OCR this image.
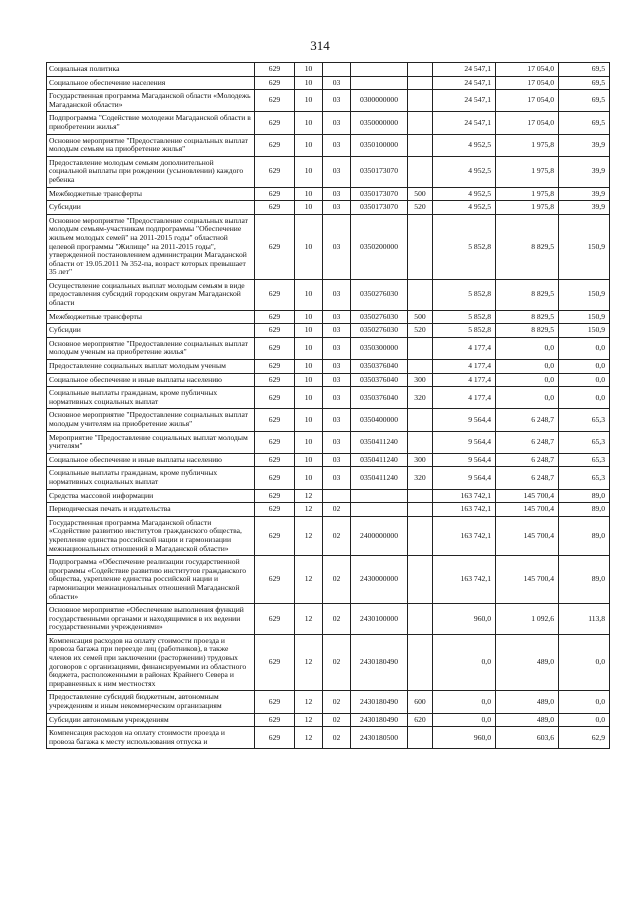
314
Социальная политика	629	10				24 547,1	17 054,0	69,5
Социальное обеспечение населения	629	10	03			24 547,1	17 054,0	69,5
Государственная программа Магаданской области «Молодежь Магаданской области»	629	10	03	0300000000		24 547,1	17 054,0	69,5
Подпрограмма "Содействие молодежи Магаданской области в приобретении жилья"	629	10	03	0350000000		24 547,1	17 054,0	69,5
Основное мероприятие "Предоставление социальных выплат молодым семьям на приобретение жилья"	629	10	03	0350100000		4 952,5	1 975,8	39,9
Предоставление молодым семьям дополнительной социальной выплаты при рождении (усыновлении) каждого ребенка	629	10	03	0350173070		4 952,5	1 975,8	39,9
Межбюджетные трансферты	629	10	03	0350173070	500	4 952,5	1 975,8	39,9
Субсидии	629	10	03	0350173070	520	4 952,5	1 975,8	39,9
Основное мероприятие "Предоставление социальных выплат молодым семьям-участникам подпрограммы "Обеспечение жильем молодых семей" на 2011-2015 годы" областной целевой программы "Жилище" на 2011-2015 годы", утвержденной постановлением администрации Магаданской области от 19.05.2011 № 352-па, возраст которых превышает 35 лет"	629	10	03	0350200000		5 852,8	8 829,5	150,9
Осуществление социальных выплат молодым семьям в виде предоставления субсидий городским округам Магаданской области	629	10	03	0350276030		5 852,8	8 829,5	150,9
Межбюджетные трансферты	629	10	03	0350276030	500	5 852,8	8 829,5	150,9
Субсидии	629	10	03	0350276030	520	5 852,8	8 829,5	150,9
Основное мероприятие "Предоставление социальных выплат молодым ученым на приобретение жилья"	629	10	03	0350300000		4 177,4	0,0	0,0
Предоставление социальных выплат молодым ученым	629	10	03	0350376040		4 177,4	0,0	0,0
Социальное обеспечение и иные выплаты населению	629	10	03	0350376040	300	4 177,4	0,0	0,0
Социальные выплаты гражданам, кроме публичных нормативных социальных выплат	629	10	03	0350376040	320	4 177,4	0,0	0,0
Основное мероприятие "Предоставление социальных выплат молодым учителям на приобретение жилья"	629	10	03	0350400000		9 564,4	6 248,7	65,3
Мероприятие "Предоставление социальных выплат молодым учителям"	629	10	03	0350411240		9 564,4	6 248,7	65,3
Социальное обеспечение и иные выплаты населению	629	10	03	0350411240	300	9 564,4	6 248,7	65,3
Социальные выплаты гражданам, кроме публичных нормативных социальных выплат	629	10	03	0350411240	320	9 564,4	6 248,7	65,3
Средства массовой информации	629	12				163 742,1	145 700,4	89,0
Периодическая печать и издательства	629	12	02			163 742,1	145 700,4	89,0
Государственная программа Магаданской области «Содействие развитию институтов гражданского общества, укрепление единства российской нации и гармонизации межнациональных отношений в Магаданской области»	629	12	02	2400000000		163 742,1	145 700,4	89,0
Подпрограмма «Обеспечение реализации государственной программы «Содействие развитию институтов гражданского общества, укрепление единства российской нации и гармонизации межнациональных отношений Магаданской области»	629	12	02	2430000000		163 742,1	145 700,4	89,0
Основное мероприятие «Обеспечение выполнения функций государственными органами и находящимися в их ведении государственными учреждениями»	629	12	02	2430100000		960,0	1 092,6	113,8
Компенсация расходов на оплату стоимости проезда и провоза багажа при переезде лиц (работников), в также членов их семей при заключении (расторжении) трудовых договоров с организациями, финансируемыми из областного бюджета, расположенными в районах Крайнего Севера и приравненных к ним местностях	629	12	02	2430180490		0,0	489,0	0,0
Предоставление субсидий бюджетным, автономным учреждениям и иным некоммерческим организациям	629	12	02	2430180490	600	0,0	489,0	0,0
Субсидии автономным учреждениям	629	12	02	2430180490	620	0,0	489,0	0,0
Компенсация расходов на оплату стоимости проезда и провоза багажа к месту использования отпуска и	629	12	02	2430180500		960,0	603,6	62,9
